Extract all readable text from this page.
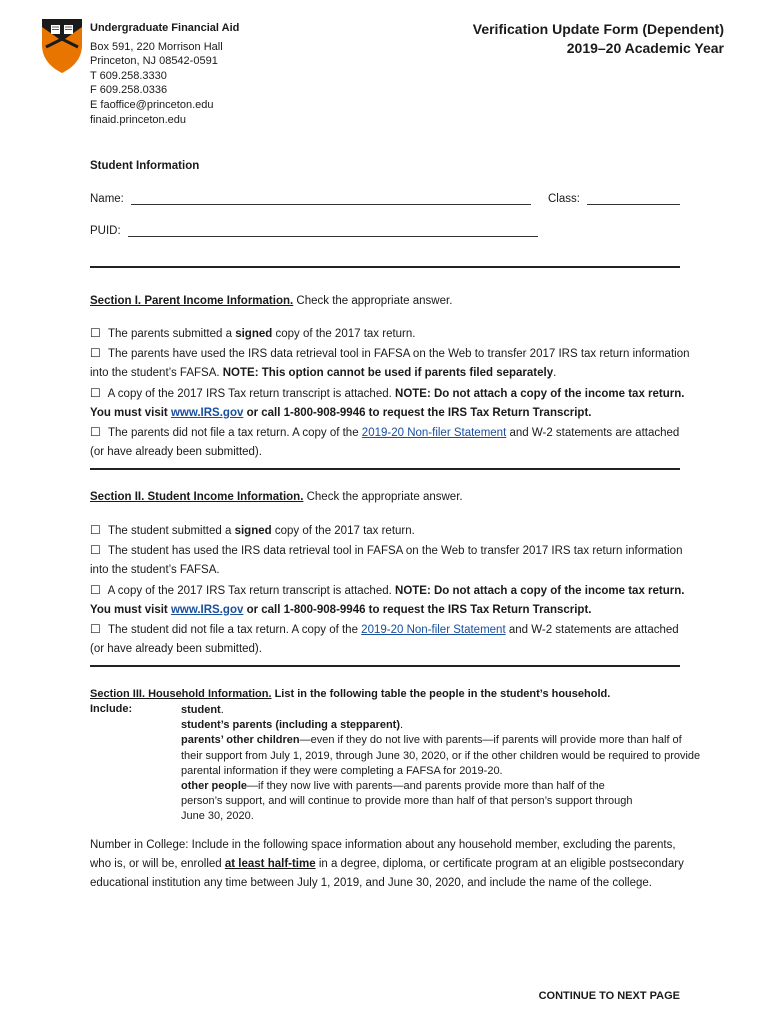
Undergraduate Financial Aid
Box 591, 220 Morrison Hall
Princeton, NJ 08542-0591
T 609.258.3330
F 609.258.0336
E faoffice@princeton.edu
finaid.princeton.edu
Verification Update Form (Dependent)
2019–20 Academic Year
Student Information
Name:	Class:
PUID:
Section I. Parent Income Information. Check the appropriate answer.

☐ The parents submitted a signed copy of the 2017 tax return.

☐ The parents have used the IRS data retrieval tool in FAFSA on the Web to transfer 2017 IRS tax return information into the student’s FAFSA. NOTE: This option cannot be used if parents filed separately.

☐ A copy of the 2017 IRS Tax return transcript is attached. NOTE: Do not attach a copy of the income tax return. You must visit www.IRS.gov or call 1-800-908-9946 to request the IRS Tax Return Transcript.

☐ The parents did not file a tax return. A copy of the 2019-20 Non-filer Statement and W-2 statements are attached (or have already been submitted).

Section II. Student Income Information. Check the appropriate answer.

☐ The student submitted a signed copy of the 2017 tax return.

☐ The student has used the IRS data retrieval tool in FAFSA on the Web to transfer 2017 IRS tax return information into the student’s FAFSA.

☐ A copy of the 2017 IRS Tax return transcript is attached. NOTE: Do not attach a copy of the income tax return. You must visit www.IRS.gov or call 1-800-908-9946 to request the IRS Tax Return Transcript.

☐ The student did not file a tax return. A copy of the 2019-20 Non-filer Statement and W-2 statements are attached (or have already been submitted).

Section III. Household Information. List in the following table the people in the student’s household.
Include:	student.
student’s parents (including a stepparent).
parents’ other children—even if they do not live with parents—if parents will provide more than half of their support from July 1, 2019, through June 30, 2020, or if the other children would be required to provide parental information if they were completing a FAFSA for 2019-20.
other people—if they now live with parents—and parents provide more than half of the person’s support, and will continue to provide more than half of that person’s support through June 30, 2020.
Number in College: Include in the following space information about any household member, excluding the parents, who is, or will be, enrolled at least half-time in a degree, diploma, or certificate program at an eligible postsecondary educational institution any time between July 1, 2019, and June 30, 2020, and include the name of the college.
CONTINUE TO NEXT PAGE
